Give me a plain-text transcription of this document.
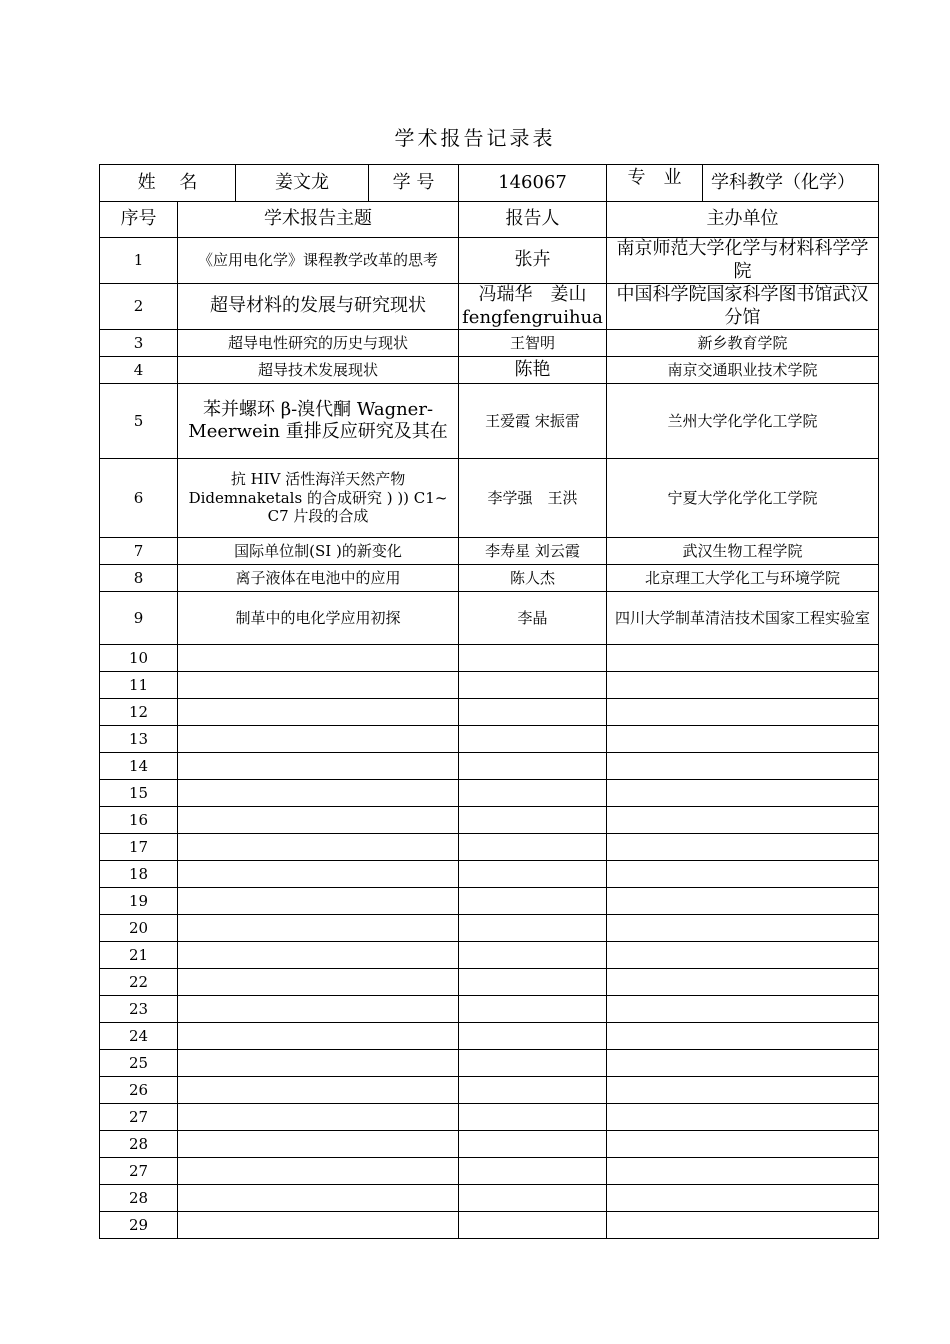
学术报告记录表
姓　 名		姜文龙	学 号	146067	专　业	学科教学（化学）
序号	学术报告主题			报告人	主办单位	
1	《应用电化学》课程教学改革的思考			张卉	南京师范大学化学与材料科学学院	
2	超导材料的发展与研究现状			冯瑞华　姜山　fengfengruihua	中国科学院国家科学图书馆武汉分馆	
3	超导电性研究的历史与现状			王智明	新乡教育学院	
4	超导技术发展现状			陈艳	南京交通职业技术学院	
5	苯并螺环 β-溴代酮 Wagner-Meerwein 重排反应研究及其在			王爱霞 宋振雷	兰州大学化学化工学院	
6	抗 HIV 活性海洋天然产物 Didemnaketals 的合成研究 ) )) C1~ C7 片段的合成			李学强　王洪	宁夏大学化学化工学院	
7	国际单位制(SI )的新变化			李寿星 刘云霞	武汉生物工程学院	
8	离子液体在电池中的应用			陈人杰	北京理工大学化工与环境学院	
9	制革中的电化学应用初探			李晶	四川大学制革清洁技术国家工程实验室	
10						
11						
12						
13						
14						
15						
16						
17						
18						
19						
20						
21						
22						
23						
24						
25						
26						
27						
28						
27						
28						
29						
